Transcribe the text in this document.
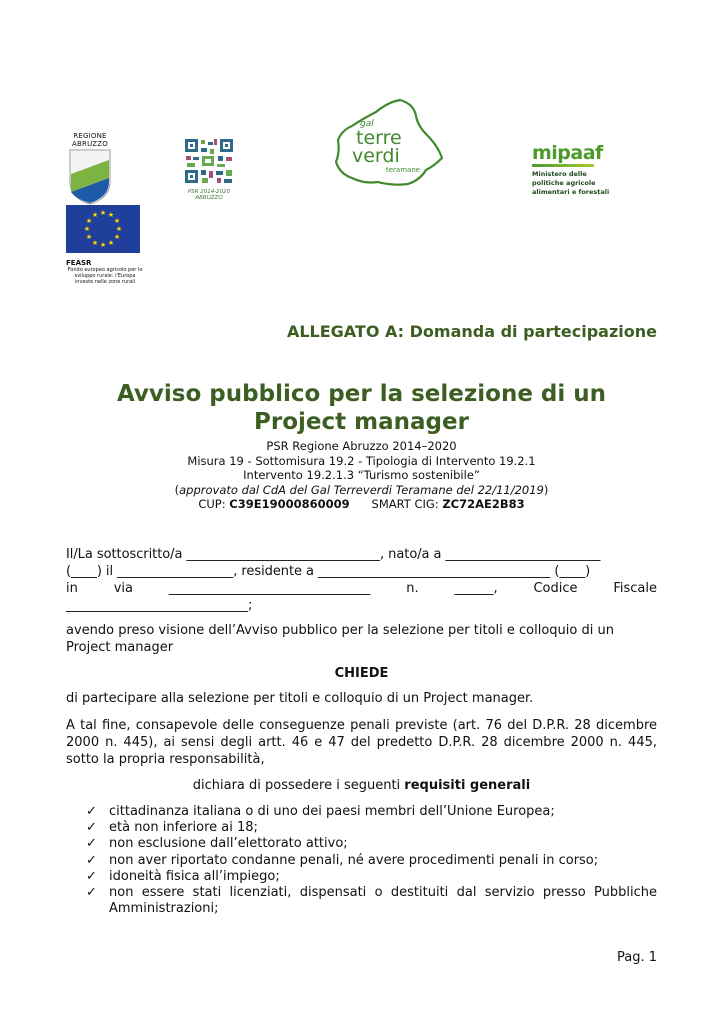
REGIONE
ABRUZZO
PSR 2014-2020
ABRUZZO
gal
terre
verdi
teramane
mipaaf
Ministero delle
politiche agricole
alimentari e forestali
★ ★
★
★
★
★
★
★
★
★
★
★
FEASR
Fondo europeo agricolo per lo
sviluppo rurale: l'Europa
investe nelle zone rurali
ALLEGATO A: Domanda di partecipazione
Avviso pubblico per la selezione di un
Project manager
PSR Regione Abruzzo 2014–2020
Misura 19 - Sottomisura 19.2 - Tipologia di Intervento 19.2.1
Intervento 19.2.1.3 “Turismo sostenibile”
(approvato dal CdA del Gal Terreverdi Teramane del 22/11/2019)
CUP: C39E19000860009 SMART CIG: ZC72AE2B83
Il/La sottoscritto/a ______________________________, nato/a a ________________________
(____) il __________________, residente a ____________________________________ (____)
in	via	_______________________________	n.	______,	Codice	Fiscale
____________________________;
avendo preso visione dell’Avviso pubblico per la selezione per titoli e colloquio di un Project manager
CHIEDE
di partecipare alla selezione per titoli e colloquio di un Project manager.
A tal fine, consapevole delle conseguenze penali previste (art. 76 del D.P.R. 28 dicembre 2000 n. 445), ai sensi degli artt. 46 e 47 del predetto D.P.R. 28 dicembre 2000 n. 445, sotto la propria responsabilità,
dichiara di possedere i seguenti requisiti generali
✓ cittadinanza italiana o di uno dei paesi membri dell’Unione Europea;
✓ età non inferiore ai 18;
✓ non esclusione dall’elettorato attivo;
✓ non aver riportato condanne penali, né avere procedimenti penali in corso;
✓ idoneità fisica all’impiego;
✓ non essere stati licenziati, dispensati o destituiti dal servizio presso Pubbliche Amministrazioni;
Pag. 1
